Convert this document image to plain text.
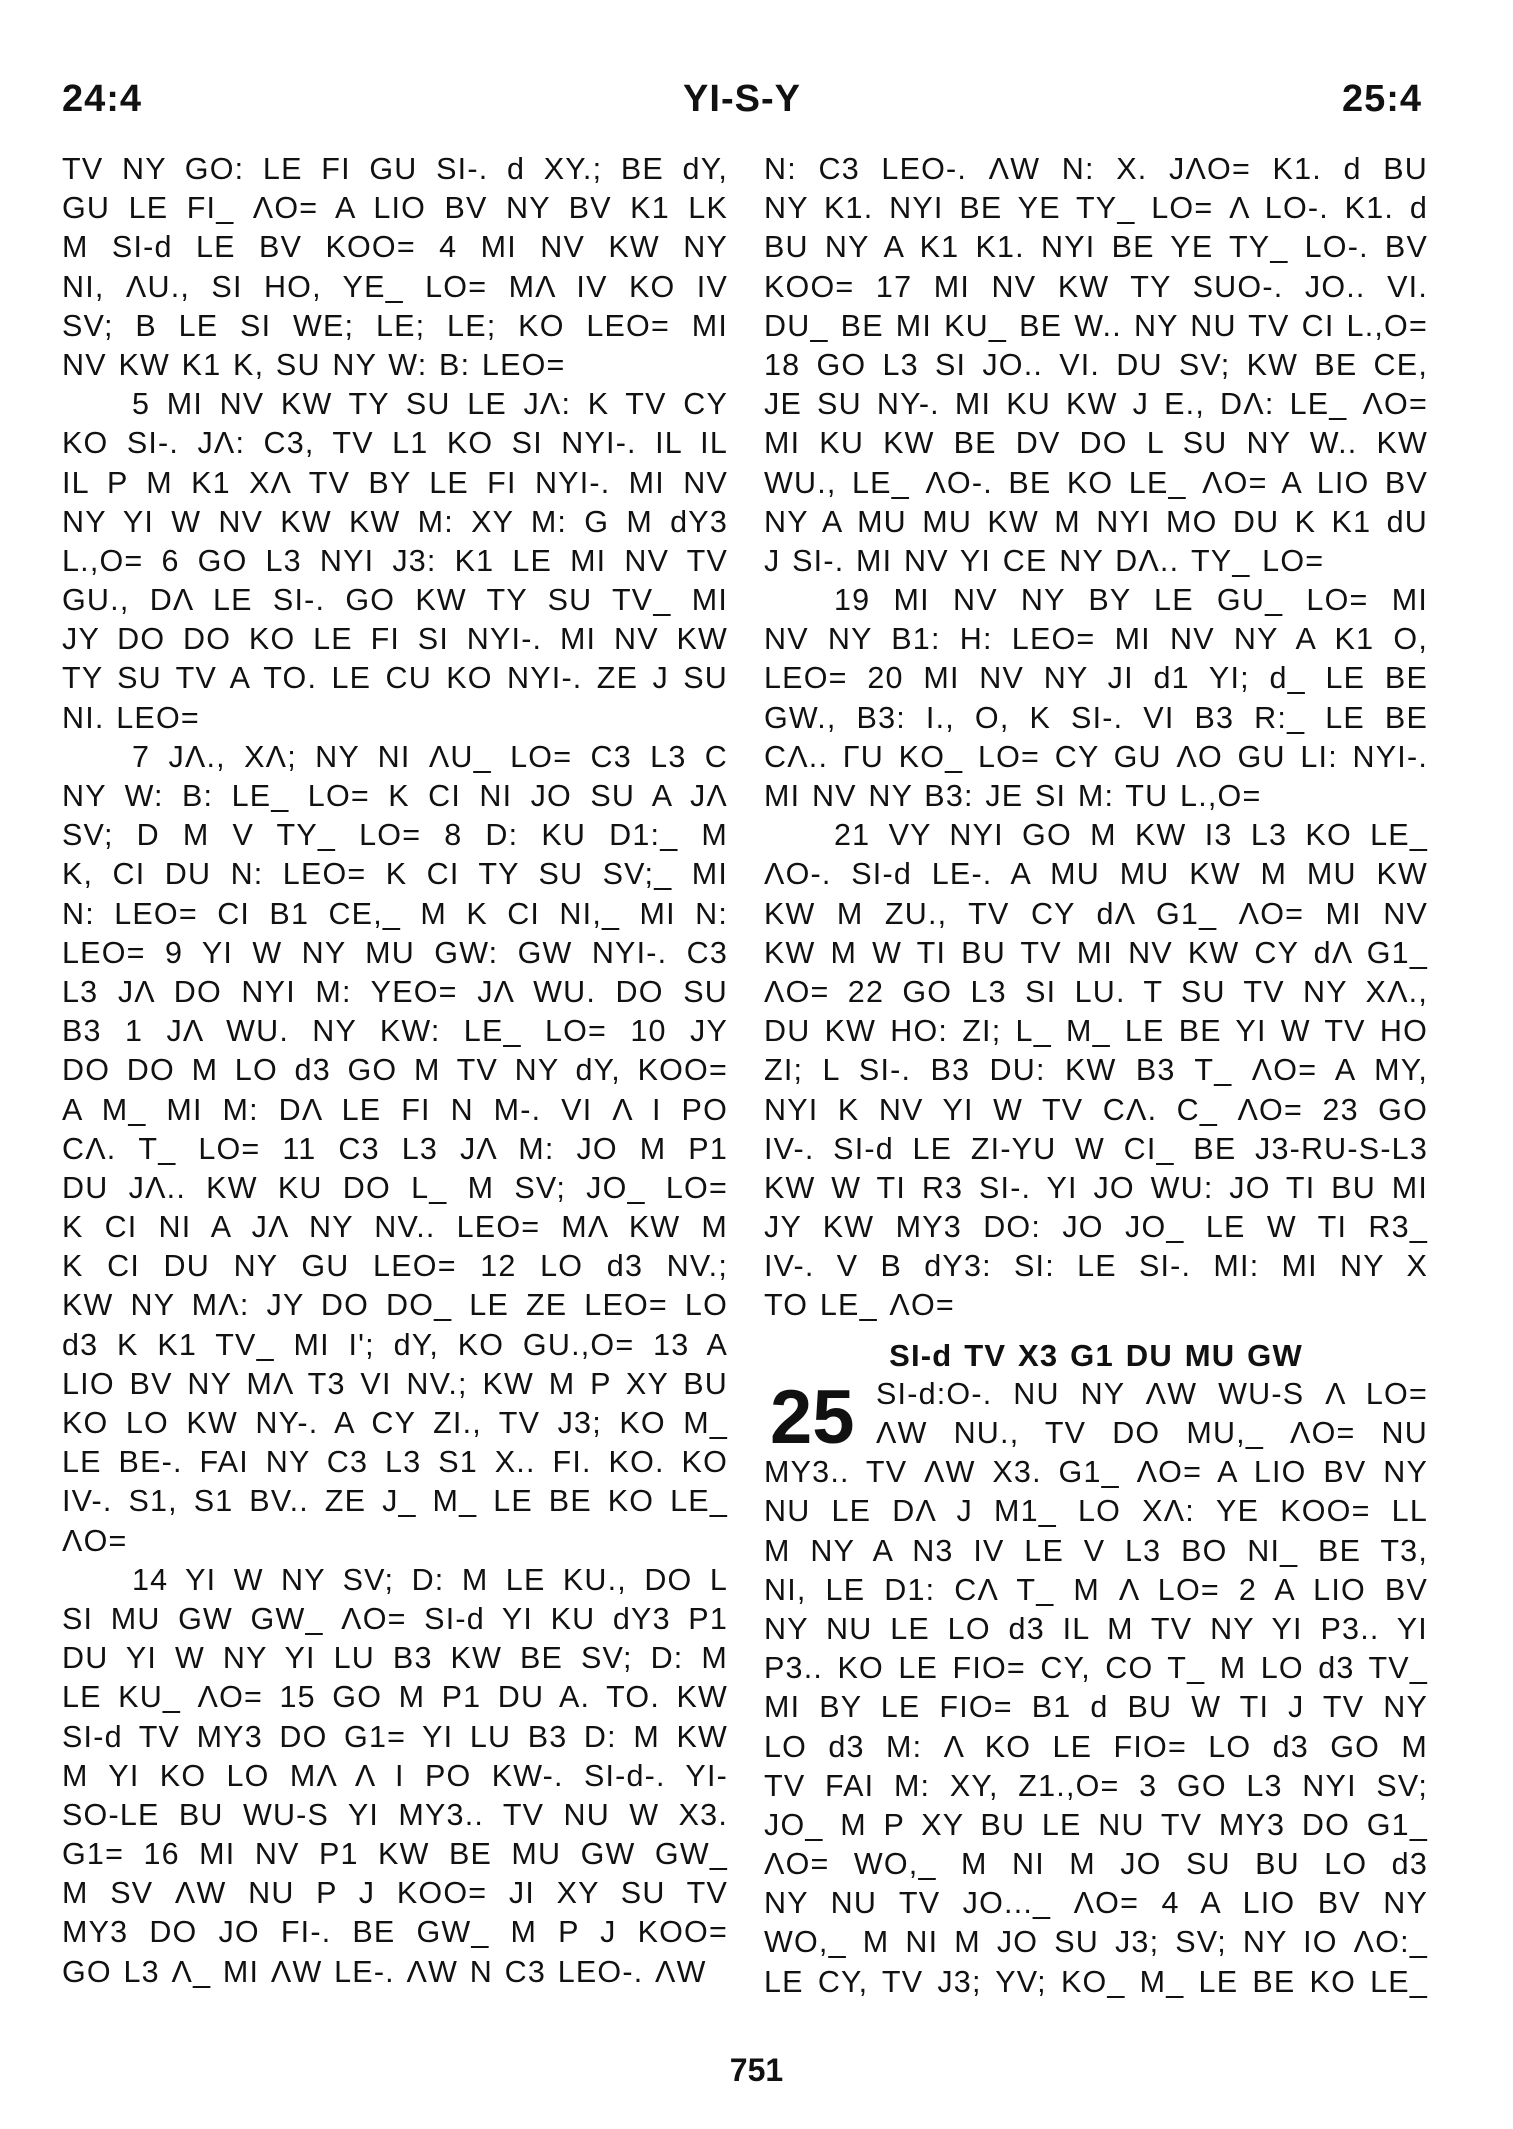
24:4	YI-S-Y	25:4
TV NY GO: LE FI GU SI-. d XY.; BE dY,
GU LE FI_ ΛO= A LIO BV NY BV K1 LK
M SI-d LE BV KOO= 4 MI NV KW NY
NI, ΛU., SI HO, YE_ LO= MΛ IV KO IV
SV; B LE SI WE; LE; LE; KO LEO= MI
NV KW K1 K, SU NY W: B: LEO=
5 MI NV KW TY SU LE JΛ: K TV CY
KO SI-. JΛ: C3, TV L1 KO SI NYI-. IL IL
IL P M K1 XΛ TV BY LE FI NYI-. MI NV
NY YI W NV KW KW M: XY M: G M dY3
L.,O= 6 GO L3 NYI J3: K1 LE MI NV TV
GU., DΛ LE SI-. GO KW TY SU TV_ MI
JY DO DO KO LE FI SI NYI-. MI NV KW
TY SU TV A TO. LE CU KO NYI-. ZE J SU
NI. LEO=
7 JΛ., XΛ; NY NI ΛU_ LO= C3 L3 C
NY W: B: LE_ LO= K CI NI JO SU A JΛ
SV; D M V TY_ LO= 8 D: KU D1:_ M
K, CI DU N: LEO= K CI TY SU SV;_ MI
N: LEO= CI B1 CE,_ M K CI NI,_ MI N:
LEO= 9 YI W NY MU GW: GW NYI-. C3
L3 JΛ DO NYI M: YEO= JΛ WU. DO SU
B3 1 JΛ WU. NY KW: LE_ LO= 10 JY
DO DO M LO d3 GO M TV NY dY, KOO=
A M_ MI M: DΛ LE FI N M-. VI Λ I PO
CΛ. T_ LO= 11 C3 L3 JΛ M: JO M P1
DU JΛ.. KW KU DO L_ M SV; JO_ LO=
K CI NI A JΛ NY NV.. LEO= MΛ KW M
K CI DU NY GU LEO= 12 LO d3 NV.;
KW NY MΛ: JY DO DO_ LE ZE LEO= LO
d3 K K1 TV_ MI I'; dY, KO GU.,O= 13 A
LIO BV NY MΛ T3 VI NV.; KW M P XY BU
KO LO KW NY-. A CY ZI., TV J3; KO M_
LE BE-. FAI NY C3 L3 S1 X.. FI. KO. KO
IV-. S1, S1 BV.. ZE J_ M_ LE BE KO LE_
ΛO=
14 YI W NY SV; D: M LE KU., DO L
SI MU GW GW_ ΛO= SI-d YI KU dY3 P1
DU YI W NY YI LU B3 KW BE SV; D: M
LE KU_ ΛO= 15 GO M P1 DU A. TO. KW
SI-d TV MY3 DO G1= YI LU B3 D: M KW
M YI KO LO MΛ Λ I PO KW-. SI-d-. YI-
SO-LE BU WU-S YI MY3.. TV NU W X3.
G1= 16 MI NV P1 KW BE MU GW GW_
M SV ΛW NU P J KOO= JI XY SU TV
MY3 DO JO FI-. BE GW_ M P J KOO=
GO L3 Λ_ MI ΛW LE-. ΛW N C3 LEO-. ΛW
N: C3 LEO-. ΛW N: X. JΛO= K1. d BU
NY K1. NYI BE YE TY_ LO= Λ LO-. K1. d
BU NY A K1 K1. NYI BE YE TY_ LO-. BV
KOO= 17 MI NV KW TY SUO-. JO.. VI.
DU_ BE MI KU_ BE W.. NY NU TV CI L.,O=
18 GO L3 SI JO.. VI. DU SV; KW BE CE,
JE SU NY-. MI KU KW J E., DΛ: LE_ ΛO=
MI KU KW BE DV DO L SU NY W.. KW
WU., LE_ ΛO-. BE KO LE_ ΛO= A LIO BV
NY A MU MU KW M NYI MO DU K K1 dU
J SI-. MI NV YI CE NY DΛ.. TY_ LO=
19 MI NV NY BY LE GU_ LO= MI
NV NY B1: H: LEO= MI NV NY A K1 O,
LEO= 20 MI NV NY JI d1 YI; d_ LE BE
GW., B3: I., O, K SI-. VI B3 R:_ LE BE
CΛ.. ΓU KO_ LO= CY GU ΛO GU LI: NYI-.
MI NV NY B3: JE SI M: TU L.,O=
21 VY NYI GO M KW I3 L3 KO LE_
ΛO-. SI-d LE-. A MU MU KW M MU KW
KW M ZU., TV CY dΛ G1_ ΛO= MI NV
KW M W TI BU TV MI NV KW CY dΛ G1_
ΛO= 22 GO L3 SI LU. T SU TV NY XΛ.,
DU KW HO: ZI; L_ M_ LE BE YI W TV HO
ZI; L SI-. B3 DU: KW B3 T_ ΛO= A MY,
NYI K NV YI W TV CΛ. C_ ΛO= 23 GO
IV-. SI-d LE ZI-YU W CI_ BE J3-RU-S-L3
KW W TI R3 SI-. YI JO WU: JO TI BU MI
JY KW MY3 DO: JO JO_ LE W TI R3_
IV-. V B dY3: SI: LE SI-. MI: MI NY X
TO LE_ ΛO=
SI-d TV X3 G1 DU MU GW
25 SI-d:O-. NU NY ΛW WU-S Λ LO=
ΛW NU., TV DO MU,_ ΛO= NU
MY3.. TV ΛW X3. G1_ ΛO= A LIO BV NY
NU LE DΛ J M1_ LO XΛ: YE KOO= LL
M NY A N3 IV LE V L3 BO NI_ BE T3,
NI, LE D1: CΛ T_ M Λ LO= 2 A LIO BV
NY NU LE LO d3 IL M TV NY YI P3.. YI
P3.. KO LE FIO= CY, CO T_ M LO d3 TV_
MI BY LE FIO= B1 d BU W TI J TV NY
LO d3 M: Λ KO LE FIO= LO d3 GO M
TV FAI M: XY, Z1.,O= 3 GO L3 NYI SV;
JO_ M P XY BU LE NU TV MY3 DO G1_
ΛO= WO,_ M NI M JO SU BU LO d3
NY NU TV JO..._ ΛO= 4 A LIO BV NY
WO,_ M NI M JO SU J3; SV; NY IO ΛO:_
LE CY, TV J3; YV; KO_ M_ LE BE KO LE_
751
